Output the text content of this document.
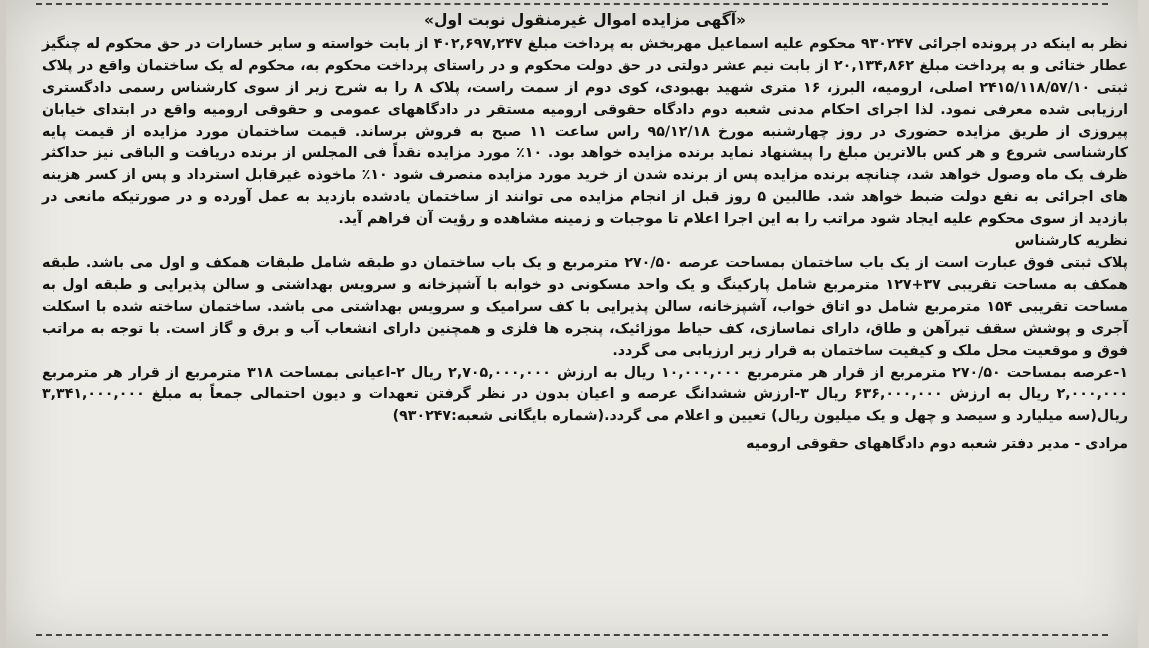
«آگهی مزایده اموال غیرمنقول نوبت اول»

نظر به اینکه در پرونده اجرائی ۹۳۰۲۴۷ محکوم علیه اسماعیل مهربخش به پرداخت مبلغ ۴۰۲,۶۹۷,۲۴۷ از بابت خواسته و سایر خسارات در حق محکوم له چنگیز عطار ختائی و به پرداخت مبلغ ۲۰,۱۳۴,۸۶۲ از بابت نیم عشر دولتی در حق دولت محکوم و در راستای پرداخت محکوم به، محکوم له یک ساختمان واقع در پلاک ثبتی ۲۴۱۵/۱۱۸/۵۷/۱۰ اصلی، ارومیه، البرز، ۱۶ متری شهید بهبودی، کوی دوم از سمت راست، پلاک ۸ را به شرح زیر از سوی کارشناس رسمی دادگستری ارزیابی شده معرفی نمود. لذا اجرای احکام مدنی شعبه دوم دادگاه حقوقی ارومیه مستقر در دادگاههای عمومی و حقوقی ارومیه واقع در ابتدای خیابان پیروزی از طریق مزایده حضوری در روز چهارشنبه مورخ ۹۵/۱۲/۱۸ راس ساعت ۱۱ صبح به فروش برساند. قیمت ساختمان مورد مزایده از قیمت پایه کارشناسی شروع و هر کس بالاترین مبلغ را پیشنهاد نماید برنده مزایده خواهد بود. ۱۰٪ مورد مزایده نقداً فی المجلس از برنده دریافت و الباقی نیز حداکثر ظرف یک ماه وصول خواهد شد، چنانچه برنده مزایده پس از برنده شدن از خرید مورد مزایده منصرف شود ۱۰٪ ماخوذه غیرقابل استرداد و پس از کسر هزینه های اجرائی به نفع دولت ضبط خواهد شد. طالبین ۵ روز قبل از انجام مزایده می توانند از ساختمان یادشده بازدید به عمل آورده و در صورتیکه مانعی در بازدید از سوی محکوم علیه ایجاد شود مراتب را به این اجرا اعلام تا موجبات و زمینه مشاهده و رؤیت آن فراهم آید.

نظریه کارشناس

پلاک ثبتی فوق عبارت است از یک باب ساختمان بمساحت عرصه ۲۷۰/۵۰ مترمربع و یک باب ساختمان دو طبقه شامل طبقات همکف و اول می باشد. طبقه همکف به مساحت تقریبی ۳۷+۱۲۷ مترمربع شامل پارکینگ و یک واحد مسکونی دو خوابه با آشپزخانه و سرویس بهداشتی و سالن پذیرایی و طبقه اول به مساحت تقریبی ۱۵۴ مترمربع شامل دو اتاق خواب، آشپزخانه، سالن پذیرایی با کف سرامیک و سرویس بهداشتی می باشد. ساختمان ساخته شده با اسکلت آجری و پوشش سقف تیرآهن و طاق، دارای نماسازی، کف حیاط موزائیک، پنجره ها فلزی و همچنین دارای انشعاب آب و برق و گاز است. با توجه به مراتب فوق و موقعیت محل ملک و کیفیت ساختمان به قرار زیر ارزیابی می گردد.

۱-عرصه بمساحت ۲۷۰/۵۰ مترمربع از قرار هر مترمربع ۱۰,۰۰۰,۰۰۰ ریال به ارزش ۲,۷۰۵,۰۰۰,۰۰۰ ریال ۲-اعیانی بمساحت ۳۱۸ مترمربع از قرار هر مترمربع ۲,۰۰۰,۰۰۰ ریال به ارزش ۶۳۶,۰۰۰,۰۰۰ ریال ۳-ارزش ششدانگ عرصه و اعیان بدون در نظر گرفتن تعهدات و دیون احتمالی جمعاً به مبلغ ۳,۳۴۱,۰۰۰,۰۰۰ ریال(سه میلیارد و سیصد و چهل و یک میلیون ریال) تعیین و اعلام می گردد.(شماره بایگانی شعبه:۹۳۰۲۴۷)

مرادی - مدیر دفتر شعبه دوم دادگاههای حقوقی ارومیه
